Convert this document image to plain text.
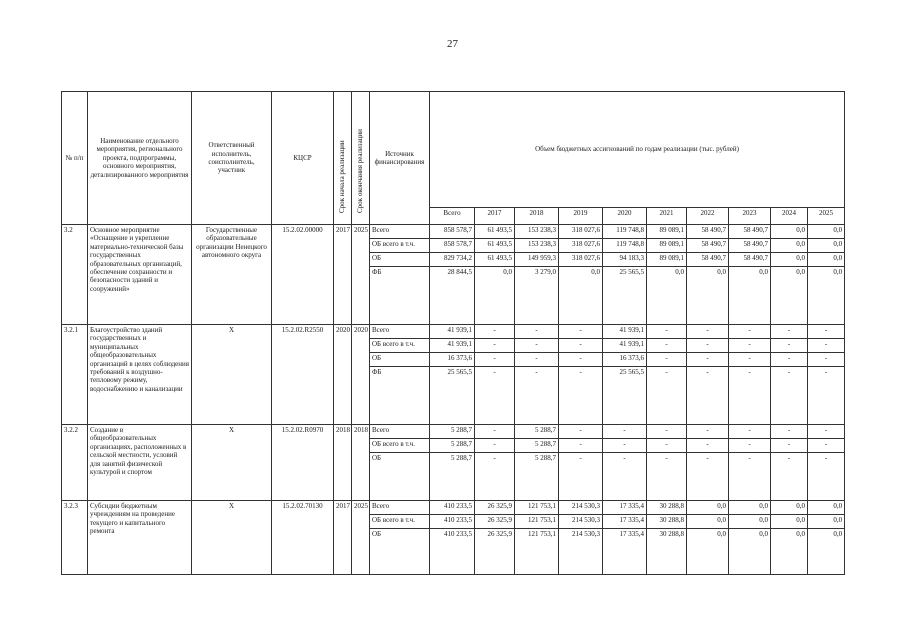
27
№ п/п	Наименование отдельного мероприятия, регионального проекта, подпрограммы, основного мероприятия, детализированного мероприятия	Ответственный исполнитель, соисполнитель, участник	КЦСР	Срок начала реализации	Срок окончания реализации	Источник финансирования	Объем бюджетных ассигнований по годам реализации (тыс. рублей)									
							Всего	2017	2018	2019	2020	2021	2022	2023	2024	2025
3.2	Основное мероприятие «Оснащение и укрепление материально-технической базы государственных образовательных организаций, обеспечение сохранности и безопасности зданий и сооружений»	Государственные образовательные организации Ненецкого автономного округа	15.2.02.00000	2017	2025	Всего	858 578,7	61 493,5	153 238,3	318 027,6	119 748,8	89 089,1	58 490,7	58 490,7	0,0	0,0
						ОБ всего в т.ч.	858 578,7	61 493,5	153 238,3	318 027,6	119 748,8	89 089,1	58 490,7	58 490,7	0,0	0,0
						ОБ	829 734,2	61 493,5	149 959,3	318 027,6	94 183,3	89 089,1	58 490,7	58 490,7	0,0	0,0
						ФБ	28 844,5	0,0	3 279,0	0,0	25 565,5	0,0	0,0	0,0	0,0	0,0
3.2.1	Благоустройство зданий государственных и муниципальных общеобразовательных организаций в целях соблюдения требований к воздушно-тепловому режиму, водоснабжению и канализации	Х	15.2.02.R2550	2020	2020	Всего	41 939,1	-	-	-	41 939,1	-	-	-	-	-
						ОБ всего в т.ч.	41 939,1	-	-	-	41 939,1	-	-	-	-	-
						ОБ	16 373,6	-	-	-	16 373,6	-	-	-	-	-
						ФБ	25 565,5	-	-	-	25 565,5	-	-	-	-	-
3.2.2	Создание в общеобразовательных организациях, расположенных в сельской местности, условий для занятий физической культурой и спортом	Х	15.2.02.R0970	2018	2018	Всего	5 288,7	-	5 288,7	-	-	-	-	-	-	-
						ОБ всего в т.ч.	5 288,7	-	5 288,7	-	-	-	-	-	-	-
						ОБ	5 288,7	-	5 288,7	-	-	-	-	-	-	-
3.2.3	Субсидии бюджетным учреждениям на проведение текущего и капитального ремонта	Х	15.2.02.70130	2017	2025	Всего	410 233,5	26 325,9	121 753,1	214 530,3	17 335,4	30 288,8	0,0	0,0	0,0	0,0
						ОБ всего в т.ч.	410 233,5	26 325,9	121 753,1	214 530,3	17 335,4	30 288,8	0,0	0,0	0,0	0,0
						ОБ	410 233,5	26 325,9	121 753,1	214 530,3	17 335,4	30 288,8	0,0	0,0	0,0	0,0
